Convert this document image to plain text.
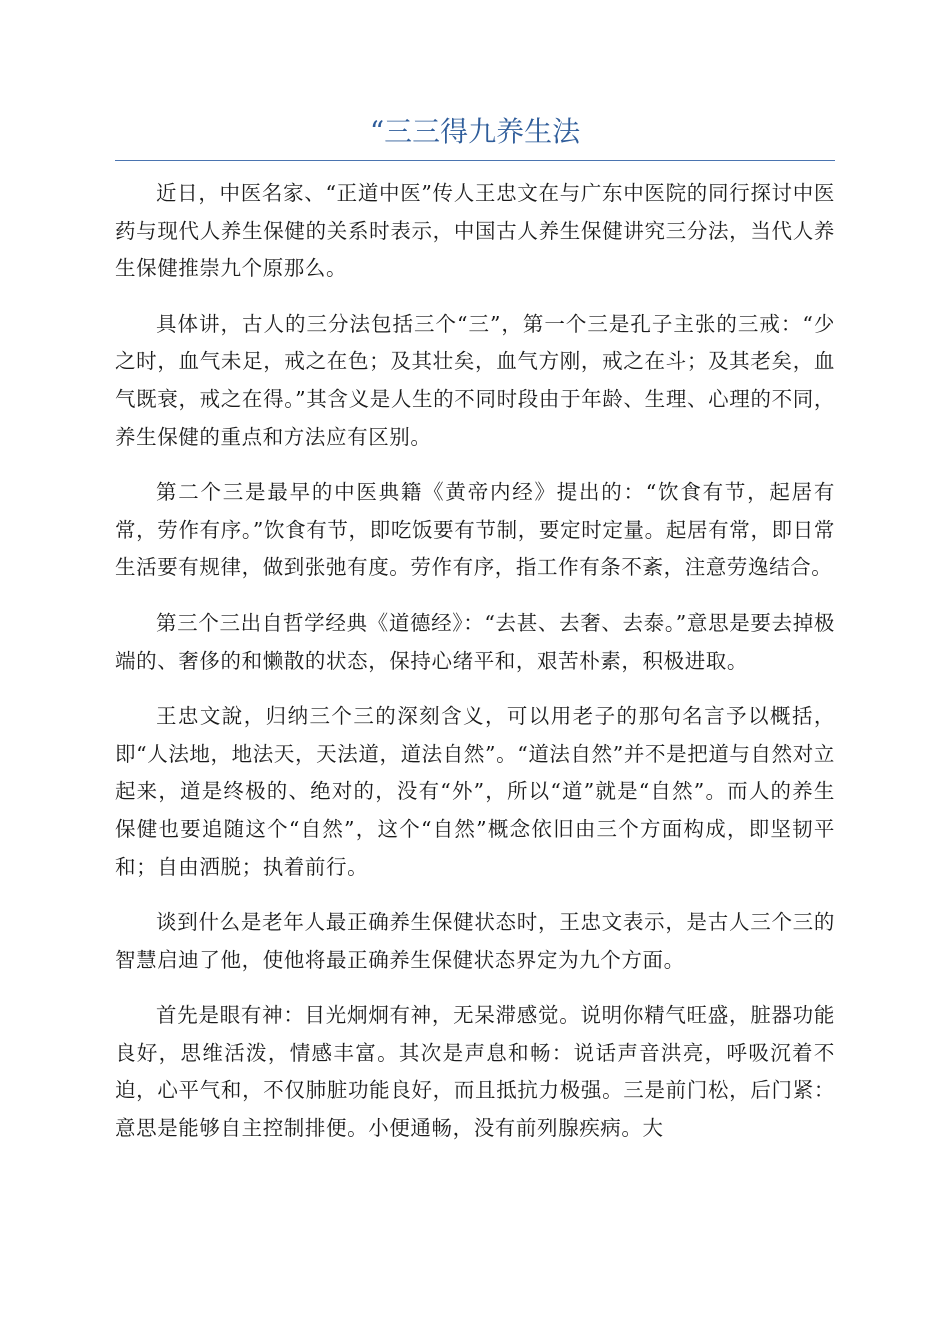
“三三得九养生法

近日，中医名家、“正道中医”传人王忠文在与广东中医院的同行探讨中医药与现代人养生保健的关系时表示，中国古人养生保健讲究三分法，当代人养生保健推崇九个原那么。

具体讲，古人的三分法包括三个“三”，第一个三是孔子主张的三戒：“少之时，血气未足，戒之在色；及其壮矣，血气方刚，戒之在斗；及其老矣，血气既衰，戒之在得。”其含义是人生的不同时段由于年龄、生理、心理的不同，养生保健的重点和方法应有区别。

第二个三是最早的中医典籍《黄帝内经》提出的：“饮食有节，起居有常，劳作有序。”饮食有节，即吃饭要有节制，要定时定量。起居有常，即日常生活要有规律，做到张弛有度。劳作有序，指工作有条不紊，注意劳逸结合。

第三个三出自哲学经典《道德经》：“去甚、去奢、去泰。”意思是要去掉极端的、奢侈的和懒散的状态，保持心绪平和，艰苦朴素，积极进取。

王忠文說，归纳三个三的深刻含义，可以用老子的那句名言予以概括，即“人法地，地法天，天法道，道法自然”。“道法自然”并不是把道与自然对立起来，道是终极的、绝对的，没有“外”，所以“道”就是“自然”。而人的养生保健也要追随这个“自然”，这个“自然”概念依旧由三个方面构成，即坚韧平和；自由洒脱；执着前行。

谈到什么是老年人最正确养生保健状态时，王忠文表示，是古人三个三的智慧启迪了他，使他将最正确养生保健状态界定为九个方面。

首先是眼有神：目光炯炯有神，无呆滞感觉。说明你精气旺盛，脏器功能良好，思维活泼，情感丰富。其次是声息和畅：说话声音洪亮，呼吸沉着不迫，心平气和，不仅肺脏功能良好，而且抵抗力极强。三是前门松，后门紧：意思是能够自主控制排便。小便通畅，没有前列腺疾病。大
